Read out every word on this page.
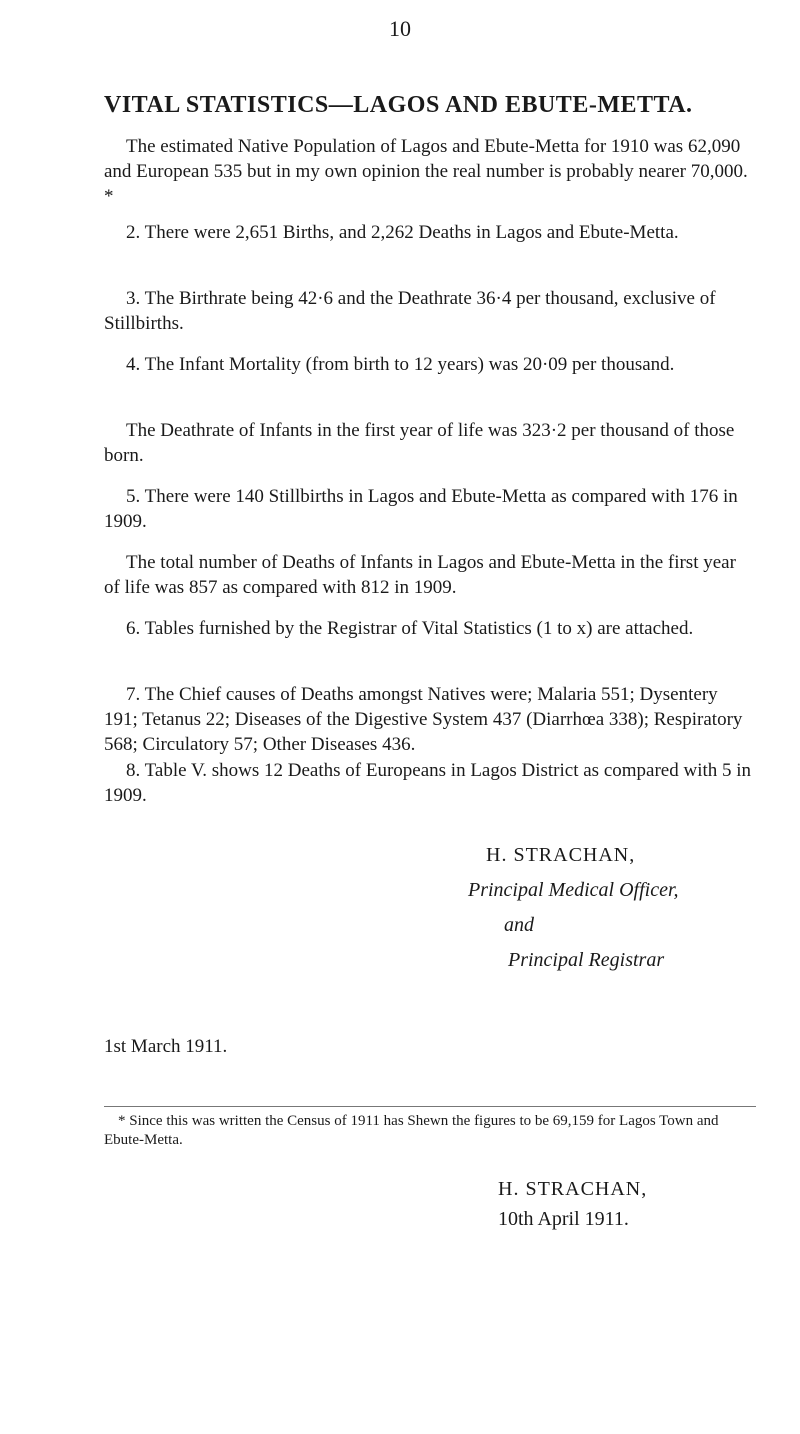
10
VITAL STATISTICS—LAGOS AND EBUTE-METTA.

The estimated Native Population of Lagos and Ebute-Metta for 1910 was 62,090 and European 535 but in my own opinion the real number is probably nearer 70,000. *

2. There were 2,651 Births, and 2,262 Deaths in Lagos and Ebute-Metta.

3. The Birthrate being 42·6 and the Deathrate 36·4 per thousand, exclusive of Stillbirths.

4. The Infant Mortality (from birth to 12 years) was 20·09 per thousand.

The Deathrate of Infants in the first year of life was 323·2 per thousand of those born.

5. There were 140 Stillbirths in Lagos and Ebute-Metta as compared with 176 in 1909.

The total number of Deaths of Infants in Lagos and Ebute-Metta in the first year of life was 857 as compared with 812 in 1909.

6. Tables furnished by the Registrar of Vital Statistics (1 to x) are attached.

7. The Chief causes of Deaths amongst Natives were; Malaria 551; Dysentery 191; Tetanus 22; Diseases of the Digestive System 437 (Diarrhœa 338); Respiratory 568; Circulatory 57; Other Diseases 436.

8. Table V. shows 12 Deaths of Europeans in Lagos District as compared with 5 in 1909.

H. STRACHAN,
Principal Medical Officer,
and
Principal Registrar
1st March 1911.
* Since this was written the Census of 1911 has Shewn the figures to be 69,159 for Lagos Town and Ebute-Metta.
H. STRACHAN,
10th April 1911.
